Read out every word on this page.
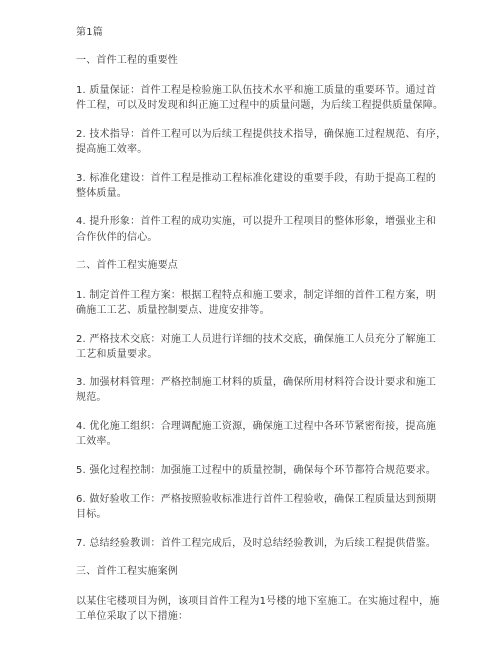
第1篇
一、首件工程的重要性
1. 质量保证：首件工程是检验施工队伍技术水平和施工质量的重要环节。通过首
件工程，可以及时发现和纠正施工过程中的质量问题，为后续工程提供质量保障。
2. 技术指导：首件工程可以为后续工程提供技术指导，确保施工过程规范、有序，
提高施工效率。
3. 标准化建设：首件工程是推动工程标准化建设的重要手段，有助于提高工程的
整体质量。
4. 提升形象：首件工程的成功实施，可以提升工程项目的整体形象，增强业主和
合作伙伴的信心。
二、首件工程实施要点
1. 制定首件工程方案：根据工程特点和施工要求，制定详细的首件工程方案，明
确施工工艺、质量控制要点、进度安排等。
2. 严格技术交底：对施工人员进行详细的技术交底，确保施工人员充分了解施工
工艺和质量要求。
3. 加强材料管理：严格控制施工材料的质量，确保所用材料符合设计要求和施工
规范。
4. 优化施工组织：合理调配施工资源，确保施工过程中各环节紧密衔接，提高施
工效率。
5. 强化过程控制：加强施工过程中的质量控制，确保每个环节都符合规范要求。
6. 做好验收工作：严格按照验收标准进行首件工程验收，确保工程质量达到预期
目标。
7. 总结经验教训：首件工程完成后，及时总结经验教训，为后续工程提供借鉴。
三、首件工程实施案例
以某住宅楼项目为例，该项目首件工程为1号楼的地下室施工。在实施过程中，施
工单位采取了以下措施：
